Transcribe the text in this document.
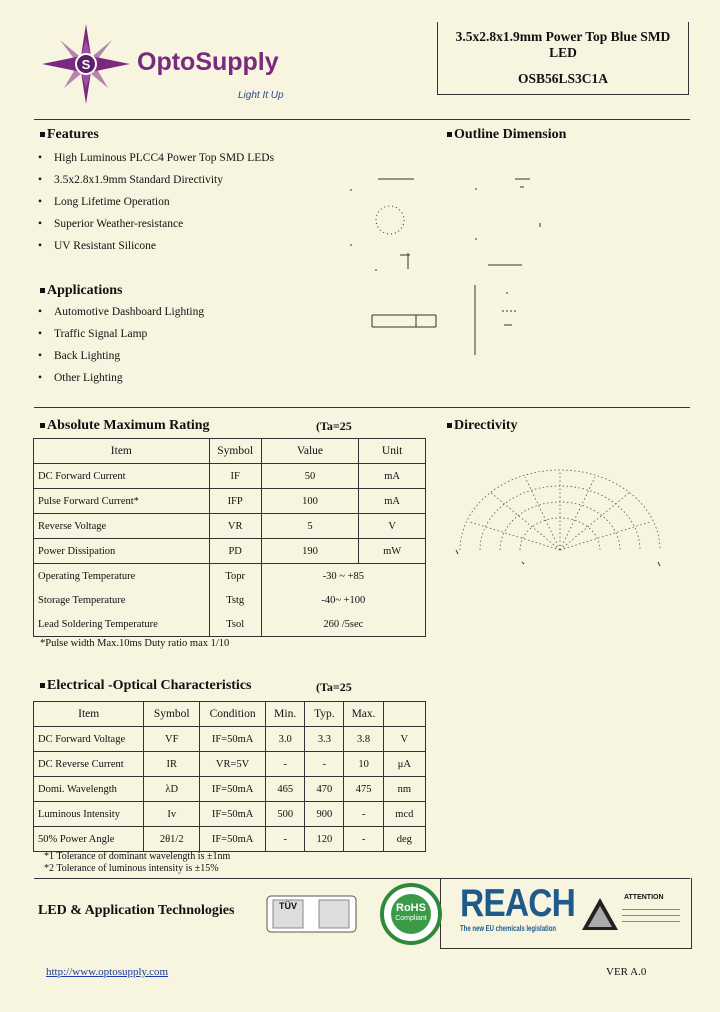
S OptoSupply
Light It Up
3.5x2.8x1.9mm Power Top Blue SMD LED
OSB56LS3C1A
Features
• High Luminous PLCC4 Power Top SMD LEDs
• 3.5x2.8x1.9mm Standard Directivity
• Long Lifetime Operation
• Superior Weather-resistance
• UV Resistant Silicone
Applications
• Automotive Dashboard Lighting
• Traffic Signal Lamp
• Back Lighting
• Other Lighting
Outline Dimension
Absolute Maximum Rating	(Ta=25
Item	Symbol	Value	Unit
DC Forward Current	IF	50	mA
Pulse Forward Current*	IFP	100	mA
Reverse Voltage	VR	5	V
Power Dissipation	PD	190	mW
Operating Temperature	Topr	-30 ~ +85	
Storage Temperature	Tstg	-40~ +100	
Lead Soldering Temperature	Tsol	260 /5sec	
*Pulse width Max.10ms Duty ratio max 1/10
Directivity
Electrical -Optical Characteristics	(Ta=25
Item	Symbol	Condition	Min.	Typ.	Max.	
DC Forward Voltage	VF	IF=50mA	3.0	3.3	3.8	V
DC Reverse Current	IR	VR=5V	-	-	10	μA
Domi. Wavelength	λD	IF=50mA	465	470	475	nm
Luminous Intensity	Iv	IF=50mA	500	900	-	mcd
50% Power Angle	2θ1/2	IF=50mA	-	120	-	deg
*1 Tolerance of dominant wavelength is ±1nm
*2 Tolerance of luminous intensity is ±15%
LED & Application Technologies	TÜV	RoHS
Compliant REACH
The new EU chemicals legislation
ATTENTION
http://www.optosupply.com	VER A.0
